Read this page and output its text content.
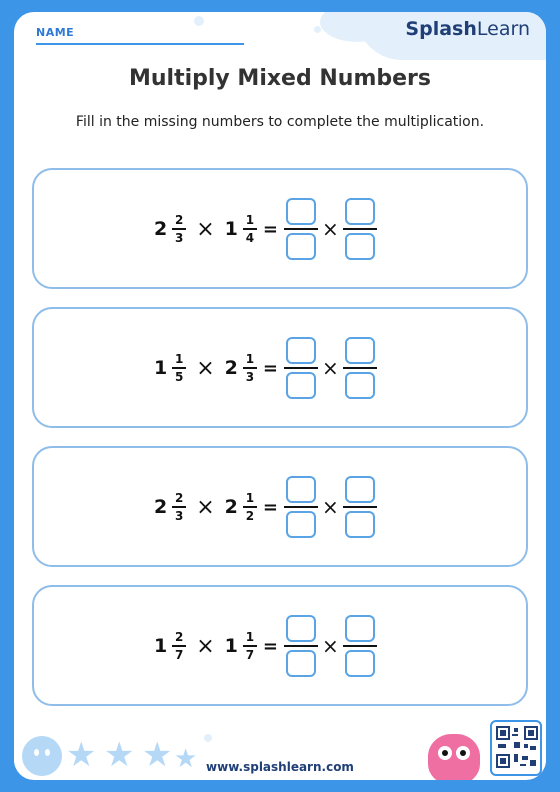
NAME	SplashLearn
Multiply Mixed Numbers
Fill in the missing numbers to complete the multiplication.
$2 \frac{2}{3} \times 1 \frac{1}{4}$ = ×
$1 \frac{1}{5} \times 2 \frac{1}{3}$ = ×
$2 \frac{2}{3} \times 2 \frac{1}{2}$ = ×
$1 \frac{2}{7} \times 1 \frac{1}{7}$ = ×
★ ★ ★ ★ www.splashlearn.com
